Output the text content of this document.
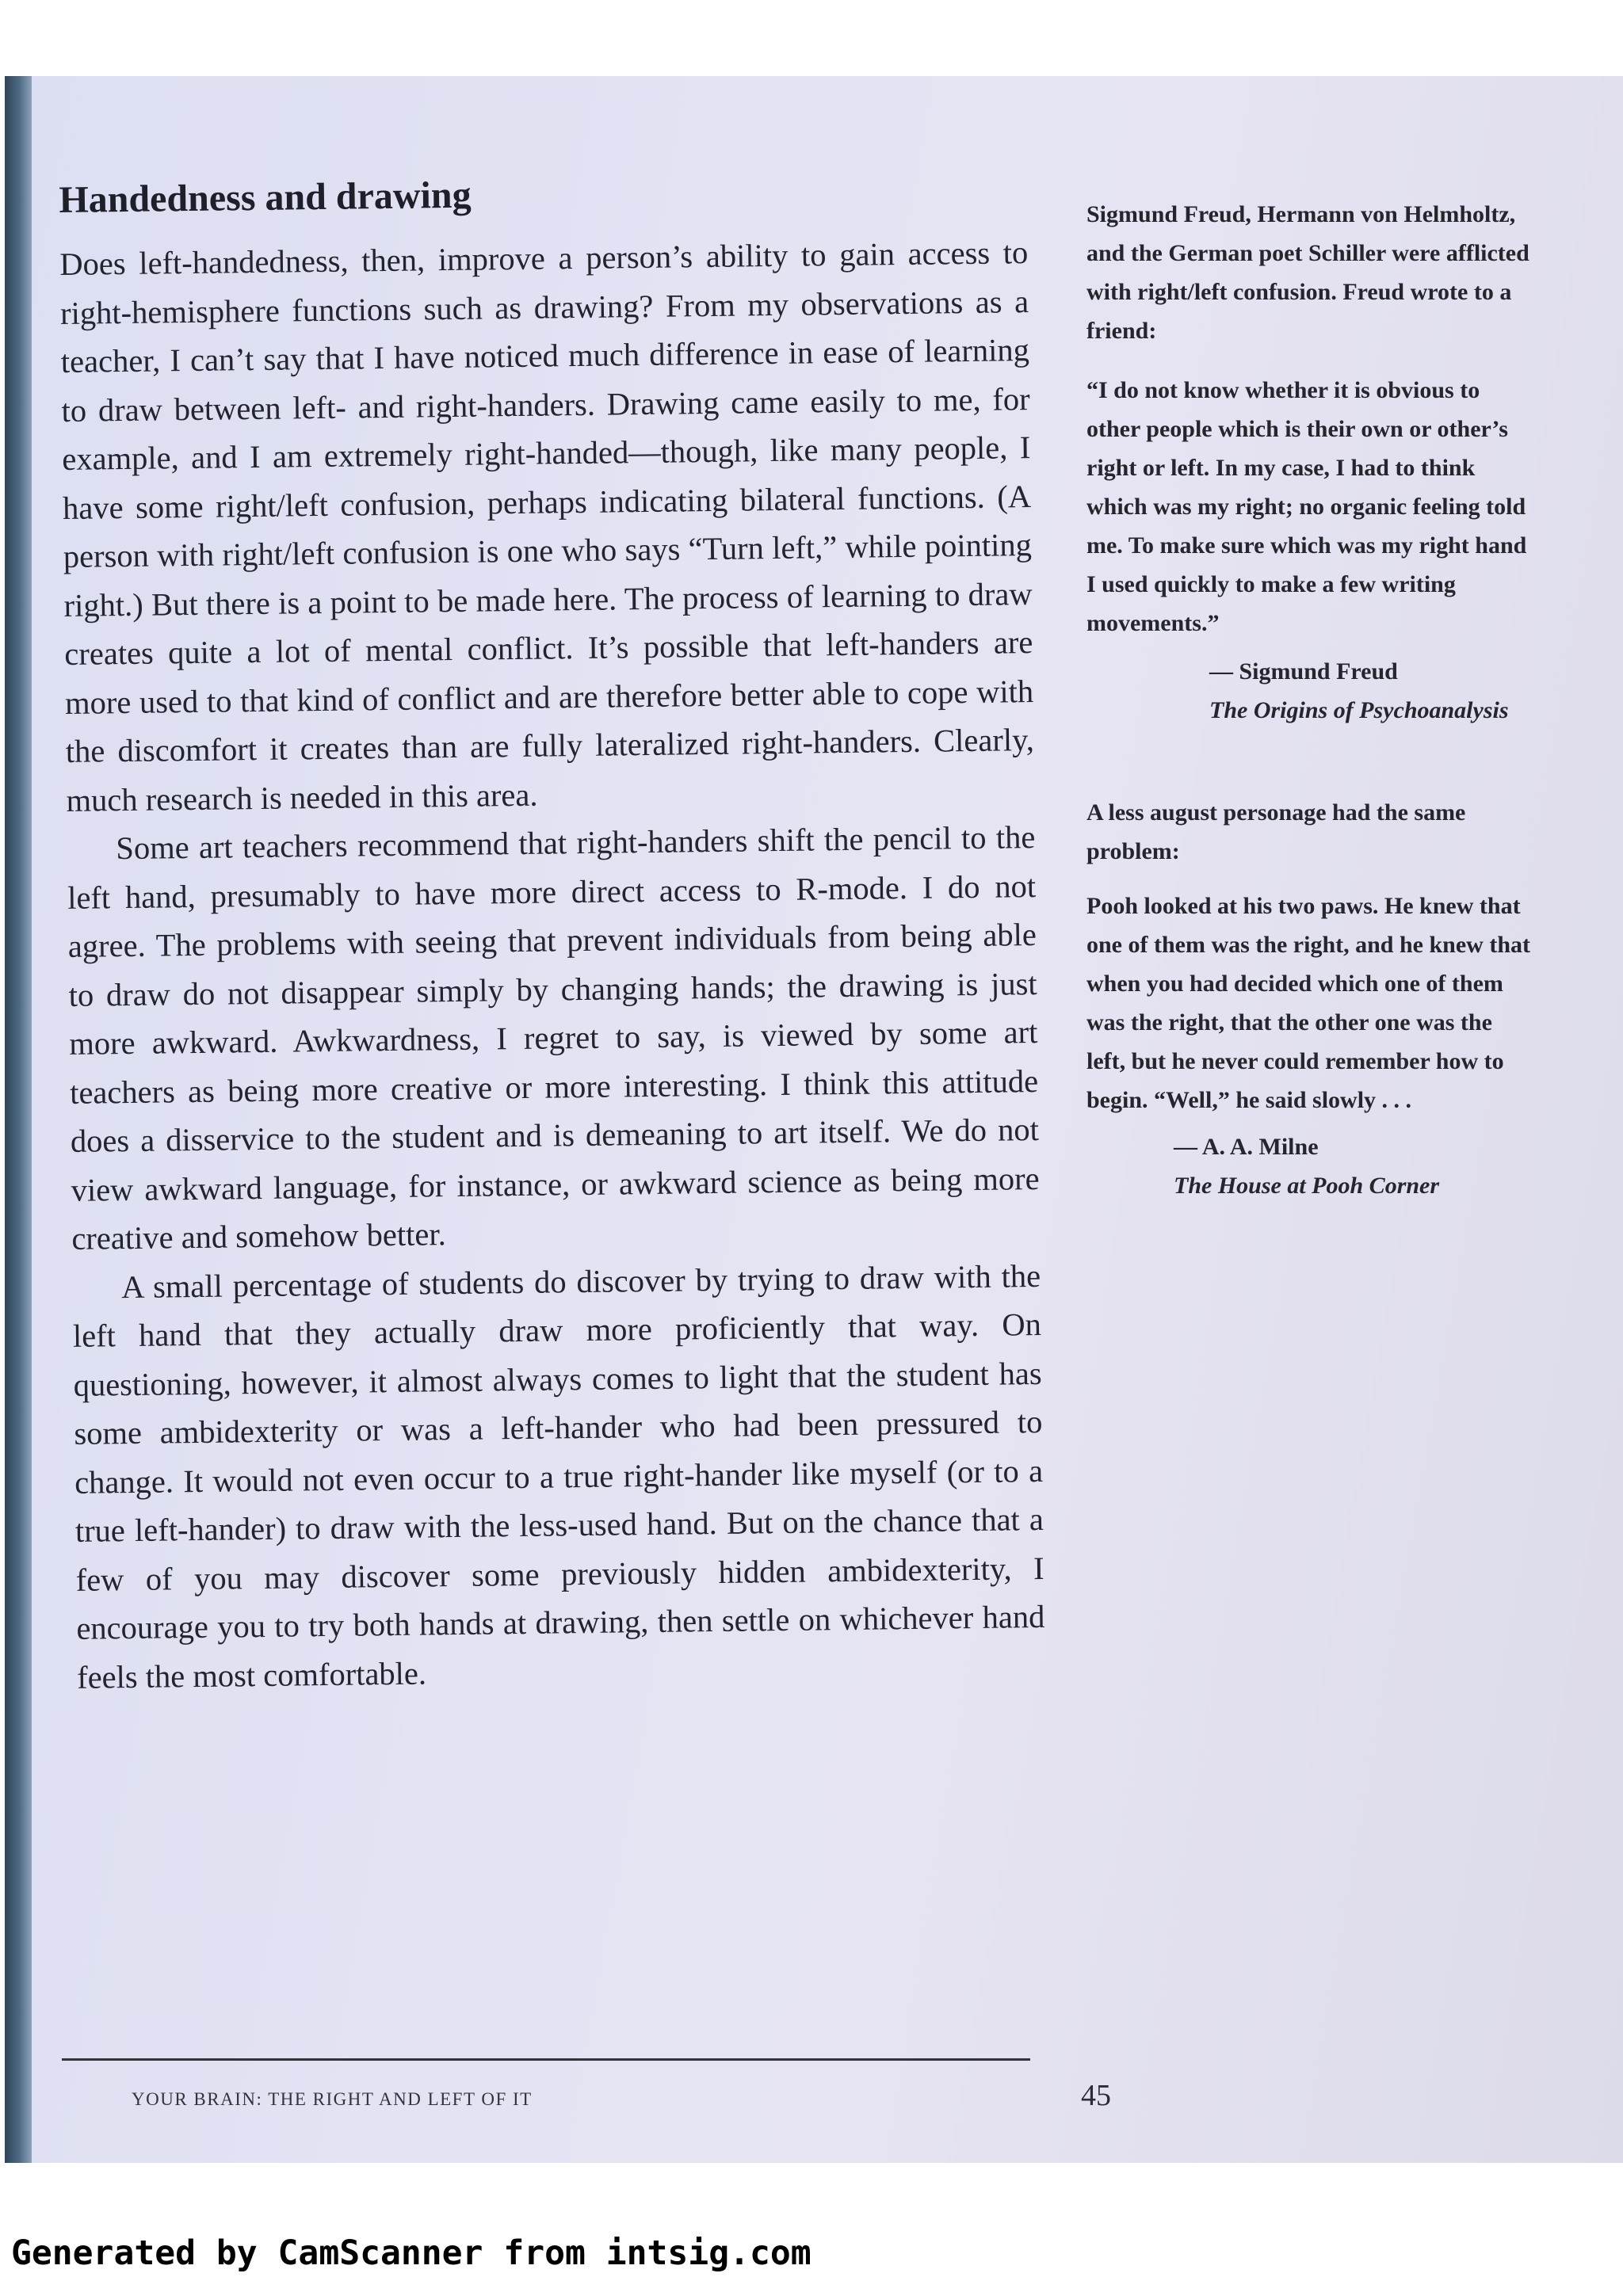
Handedness and drawing

Does left-handedness, then, improve a person’s ability to gain access to right-hemisphere functions such as drawing? From my observations as a teacher, I can’t say that I have noticed much difference in ease of learning to draw between left- and right-handers. Drawing came easily to me, for example, and I am extremely right-handed—though, like many people, I have some right/left confusion, perhaps indicating bilateral functions. (A person with right/left confusion is one who says “Turn left,” while pointing right.) But there is a point to be made here. The process of learning to draw creates quite a lot of mental conflict. It’s possible that left-handers are more used to that kind of conflict and are therefore better able to cope with the discomfort it creates than are fully lateralized right-handers. Clearly, much research is needed in this area.

Some art teachers recommend that right-handers shift the pencil to the left hand, presumably to have more direct access to R-mode. I do not agree. The problems with seeing that prevent individuals from being able to draw do not disappear simply by changing hands; the drawing is just more awkward. Awkwardness, I regret to say, is viewed by some art teachers as being more creative or more interesting. I think this attitude does a disservice to the student and is demeaning to art itself. We do not view awkward language, for instance, or awkward science as being more creative and somehow better.

A small percentage of students do discover by trying to draw with the left hand that they actually draw more proficiently that way. On questioning, however, it almost always comes to light that the student has some ambidexterity or was a left-hander who had been pressured to change. It would not even occur to a true right-hander like myself (or to a true left-hander) to draw with the less-used hand. But on the chance that a few of you may discover some previously hidden ambidexterity, I encourage you to try both hands at drawing, then settle on whichever hand feels the most comfortable.

Sigmund Freud, Hermann von Helmholtz, and the German poet Schiller were afflicted with right/left confusion. Freud wrote to a friend:

“I do not know whether it is obvious to other people which is their own or other’s right or left. In my case, I had to think which was my right; no organic feeling told me. To make sure which was my right hand I used quickly to make a few writing movements.”

— Sigmund Freud
The Origins of Psychoanalysis

A less august personage had the same problem:

Pooh looked at his two paws. He knew that one of them was the right, and he knew that when you had decided which one of them was the right, that the other one was the left, but he never could remember how to begin. “Well,” he said slowly . . .

— A. A. Milne
The House at Pooh Corner
YOUR BRAIN: THE RIGHT AND LEFT OF IT	45
Generated by CamScanner from intsig.com
